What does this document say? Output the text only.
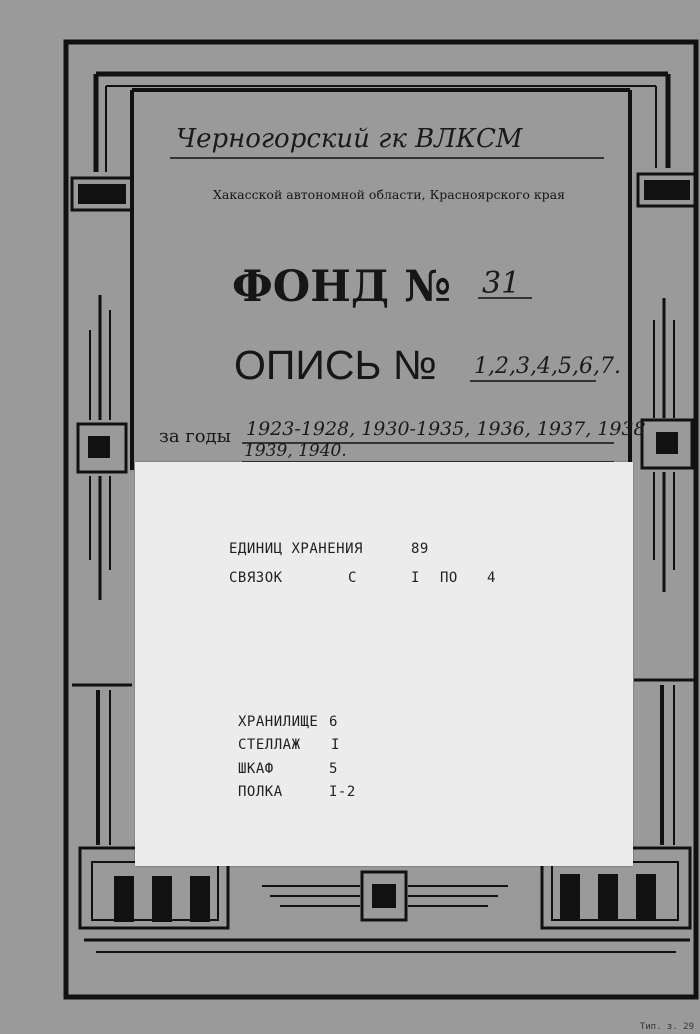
Черногорский гк ВЛКСМ
Хакасской автономной области, Красноярского края
ФОНД № 31
ОПИСЬ № 1,2,3,4,5,6,7.
за годы 1923-1928, 1930-1935, 1936, 1937, 1938
1939, 1940.
ЕДИНИЦ ХРАНЕНИЯ	89
СВЯЗОК	С	I ПО 4
ХРАНИЛИЩЕ 6
СТЕЛЛАЖ I
ШКАФ	5
ПОЛКА	I-2
Тип. з. 29
